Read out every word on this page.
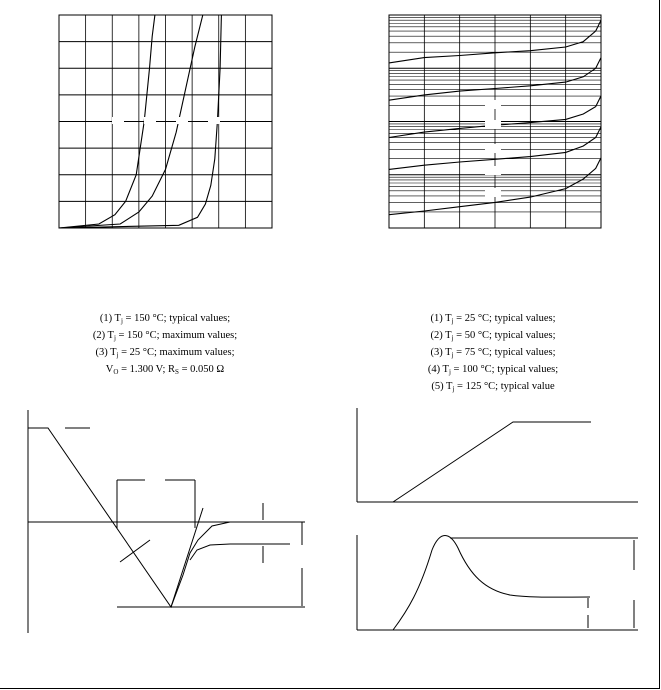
(1) $T_j = 150$ °C; typical values;
(2) $T_j = 150$ °C; maximum values;
(3) $T_j = 25$ °C; maximum values;
$V_O = 1.300$ V; $R_S = 0.050$ Ω
(1) $T_j = 25$ °C; typical values;
(2) $T_j = 50$ °C; typical values;
(3) $T_j = 75$ °C; typical values;
(4) $T_j = 100$ °C; typical values;
(5) $T_j = 125$ °C; typical value
